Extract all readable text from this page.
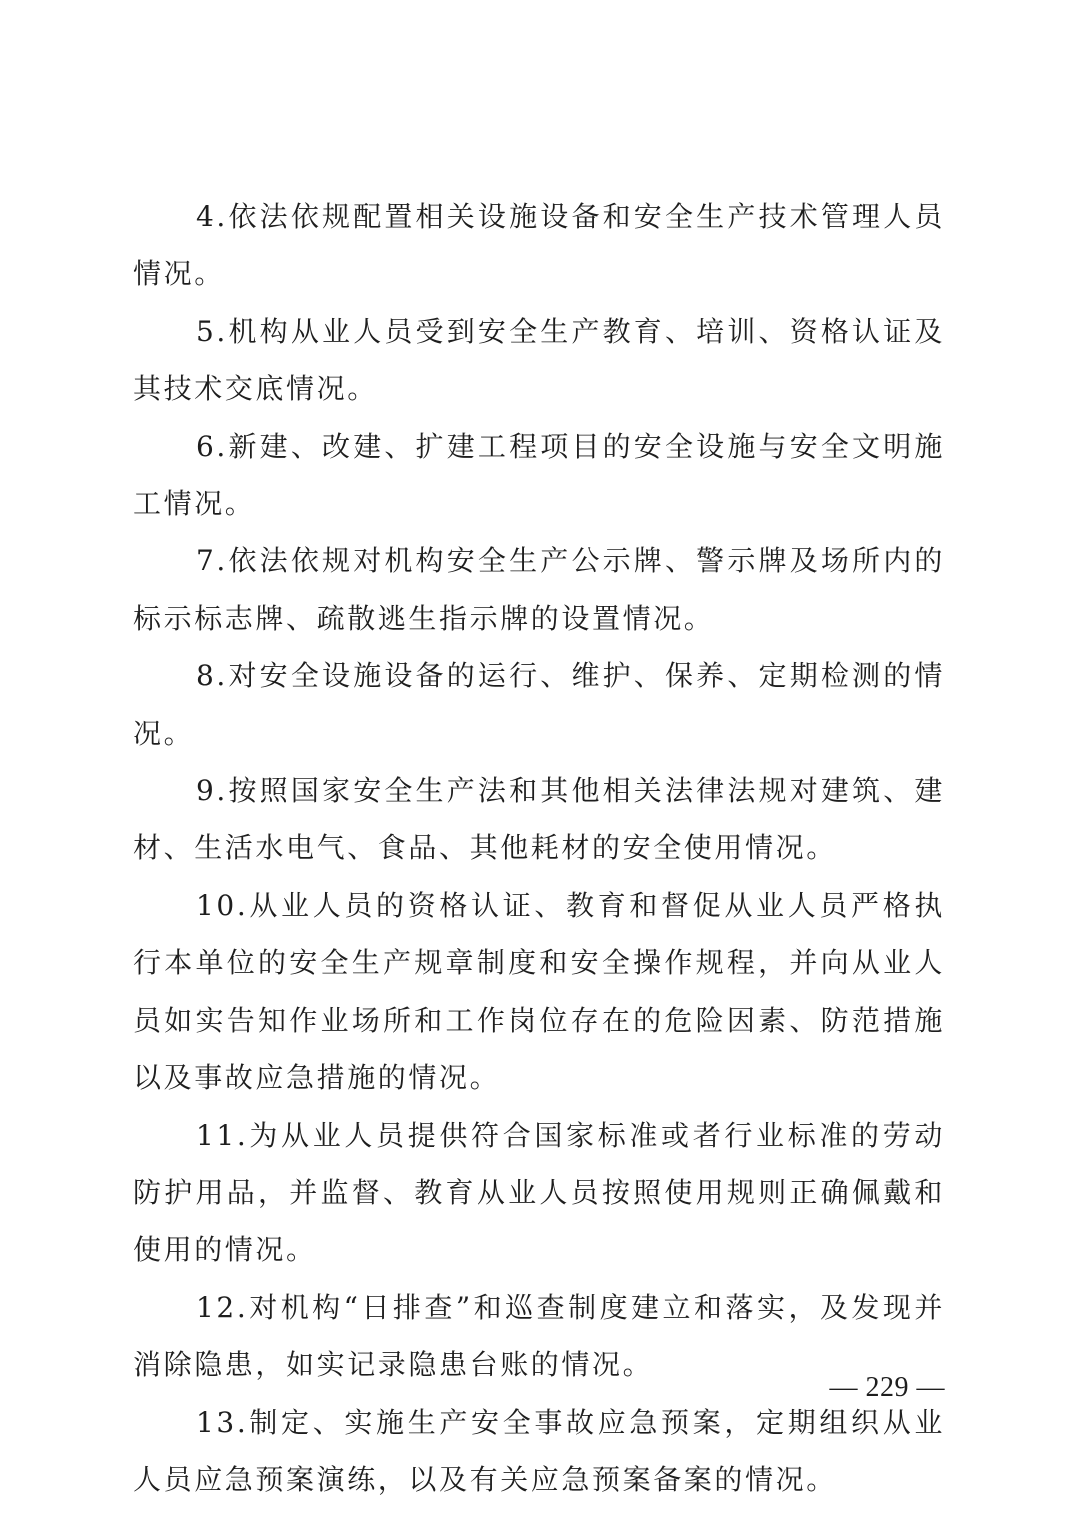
4.依法依规配置相关设施设备和安全生产技术管理人员情况。

5.机构从业人员受到安全生产教育、培训、资格认证及其技术交底情况。

6.新建、改建、扩建工程项目的安全设施与安全文明施工情况。

7.依法依规对机构安全生产公示牌、警示牌及场所内的标示标志牌、疏散逃生指示牌的设置情况。

8.对安全设施设备的运行、维护、保养、定期检测的情况。

9.按照国家安全生产法和其他相关法律法规对建筑、建材、生活水电气、食品、其他耗材的安全使用情况。

10.从业人员的资格认证、教育和督促从业人员严格执行本单位的安全生产规章制度和安全操作规程，并向从业人员如实告知作业场所和工作岗位存在的危险因素、防范措施以及事故应急措施的情况。

11.为从业人员提供符合国家标准或者行业标准的劳动防护用品，并监督、教育从业人员按照使用规则正确佩戴和使用的情况。

12.对机构“日排查”和巡查制度建立和落实，及发现并消除隐患，如实记录隐患台账的情况。

13.制定、实施生产安全事故应急预案，定期组织从业人员应急预案演练，以及有关应急预案备案的情况。

— 229 —
